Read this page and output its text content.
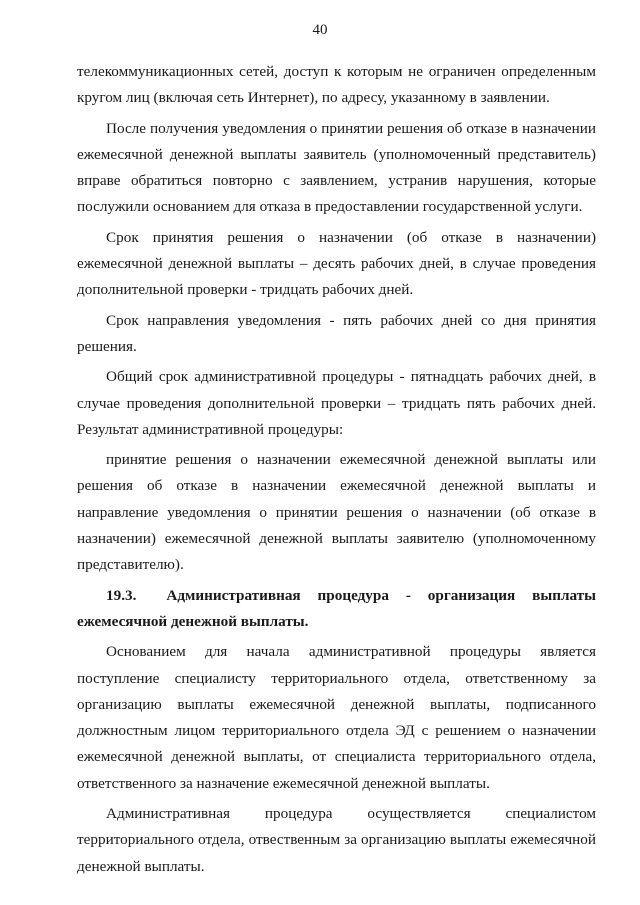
40

телекоммуникационных сетей, доступ к которым не ограничен определенным кругом лиц (включая сеть Интернет), по адресу, указанному в заявлении.

После получения уведомления о принятии решения об отказе в назначении ежемесячной денежной выплаты заявитель (уполномоченный представитель) вправе обратиться повторно с заявлением, устранив нарушения, которые послужили основанием для отказа в предоставлении государственной услуги.

Срок принятия решения о назначении (об отказе в назначении) ежемесячной денежной выплаты – десять рабочих дней, в случае проведения дополнительной проверки - тридцать рабочих дней.

Срок направления уведомления - пять рабочих дней со дня принятия решения.

Общий срок административной процедуры - пятнадцать рабочих дней, в случае проведения дополнительной проверки – тридцать пять рабочих дней. Результат административной процедуры:

принятие решения о назначении ежемесячной денежной выплаты или решения об отказе в назначении ежемесячной денежной выплаты и направление уведомления о принятии решения о назначении (об отказе в назначении) ежемесячной денежной выплаты заявителю (уполномоченному представителю).

19.3. Административная процедура - организация выплаты ежемесячной денежной выплаты.

Основанием для начала административной процедуры является поступление специалисту территориального отдела, ответственному за организацию выплаты ежемесячной денежной выплаты, подписанного должностным лицом территориального отдела ЭД с решением о назначении ежемесячной денежной выплаты, от специалиста территориального отдела, ответственного за назначение ежемесячной денежной выплаты.

Административная процедура осуществляется специалистом территориального отдела, отвественным за организацию выплаты ежемесячной денежной выплаты.
